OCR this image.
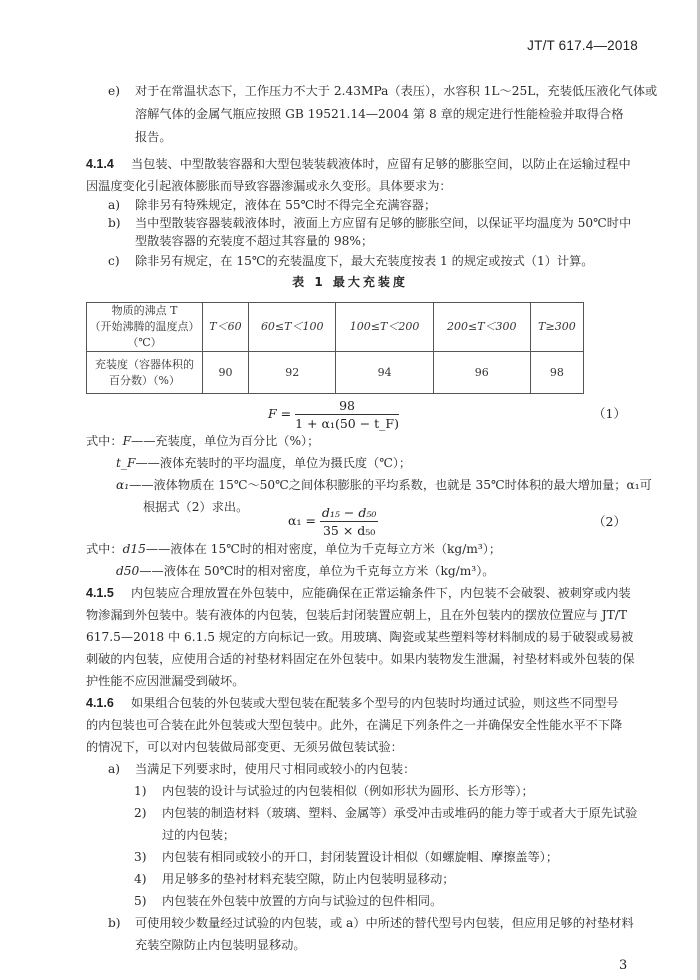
JT/T 617.4—2018
e) 对于在常温状态下，工作压力不大于 2.43MPa（表压），水容积 1L～25L，充装低压液化气体或
溶解气体的金属气瓶应按照 GB 19521.14—2004 第 8 章的规定进行性能检验并取得合格
报告。
4.1.4 当包装、中型散装容器和大型包装装载液体时，应留有足够的膨胀空间，以防止在运输过程中
因温度变化引起液体膨胀而导致容器渗漏或永久变形。具体要求为：
a) 除非另有特殊规定，液体在 55℃时不得完全充满容器；
b) 当中型散装容器装载液体时，液面上方应留有足够的膨胀空间，以保证平均温度为 50℃时中
型散装容器的充装度不超过其容量的 98%；
表 1 最大充装度
物质的沸点 T
（开始沸腾的温度点）（℃）	T＜60	60≤T＜100	100≤T＜200	200≤T＜300	T≥300

充装度（容器体积的
百分数）（%）	90	92	94	96	98
$F = \frac{98}{\text{1 + α₁(50 − t\_F)}}$	（1）
式中：F——充装度，单位为百分比（%）；
t_F——液体充装时的平均温度，单位为摄氏度（℃）；
α₁——液体物质在 15℃～50℃之间体积膨胀的平均系数，也就是 35℃时体积的最大增加量；α₁可
根据式（2）求出。
$\alpha_1 = \frac{\text{d₁₅ − d₅₀}}{\text{35 × d₅₀}}$	（2）
式中：d15——液体在 15℃时的相对密度，单位为千克每立方米（kg/m³）；
d50——液体在 50℃时的相对密度，单位为千克每立方米（kg/m³）。
4.1.5 内包装应合理放置在外包装中，应能确保在正常运输条件下，内包装不会破裂、被刺穿或内装
物渗漏到外包装中。装有液体的内包装，包装后封闭装置应朝上，且在外包装内的摆放位置应与 JT/T
617.5—2018 中 6.1.5 规定的方向标记一致。用玻璃、陶瓷或某些塑料等材料制成的易于破裂或易被
刺破的内包装，应使用合适的衬垫材料固定在外包装中。如果内装物发生泄漏，衬垫材料或外包装的保
护性能不应因泄漏受到破坏。
4.1.6 如果组合包装的外包装或大型包装在配装多个型号的内包装时均通过试验，则这些不同型号
的内包装也可合装在此外包装或大型包装中。此外，在满足下列条件之一并确保安全性能水平不下降
的情况下，可以对内包装做局部变更、无须另做包装试验：
a) 当满足下列要求时，使用尺寸相同或较小的内包装：
1) 内包装的设计与试验过的内包装相似（例如形状为圆形、长方形等）；
2) 内包装的制造材料（玻璃、塑料、金属等）承受冲击或堆码的能力等于或者大于原先试验
过的内包装；
3) 内包装有相同或较小的开口，封闭装置设计相似（如螺旋帽、摩擦盖等）；
4) 用足够多的垫衬材料充装空隙，防止内包装明显移动；
5) 内包装在外包装中放置的方向与试验过的包件相同。
b) 可使用较少数量经过试验的内包装，或 a）中所述的替代型号内包装，但应用足够的衬垫材料
充装空隙防止内包装明显移动。
3
c) 除非另有规定，在 15℃的充装温度下，最大充装度按表 1 的规定或按式（1）计算。
